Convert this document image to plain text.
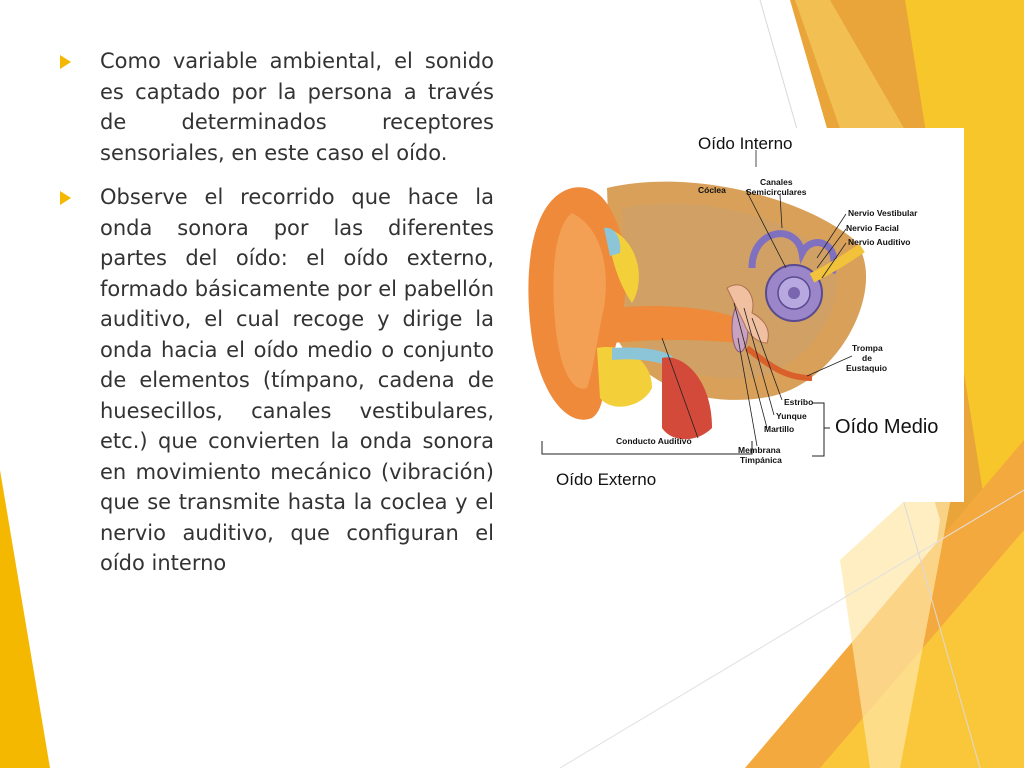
Como variable ambiental, el sonido es captado por la persona a través de determinados receptores sensoriales, en este caso el oído.
Observe el recorrido que hace la onda sonora por las diferentes partes del oído: el oído externo, formado básicamente por el pabellón auditivo, el cual recoge y dirige la onda hacia el oído medio o conjunto de elementos (tímpano, cadena de huesecillos, canales vestibulares, etc.) que convierten la onda sonora en movimiento mecánico (vibración) que se transmite hasta la coclea y el nervio auditivo, que configuran el oído interno
Oído Interno
Cóclea
Canales
Semicirculares
Nervio Vestibular
Nervio Facial
Nervio Auditivo
Trompa
de
Eustaquio
Estribo
Yunque
Martillo Oído Medio
Conducto Auditivo
Membrana
Timpánica
Oído Externo
